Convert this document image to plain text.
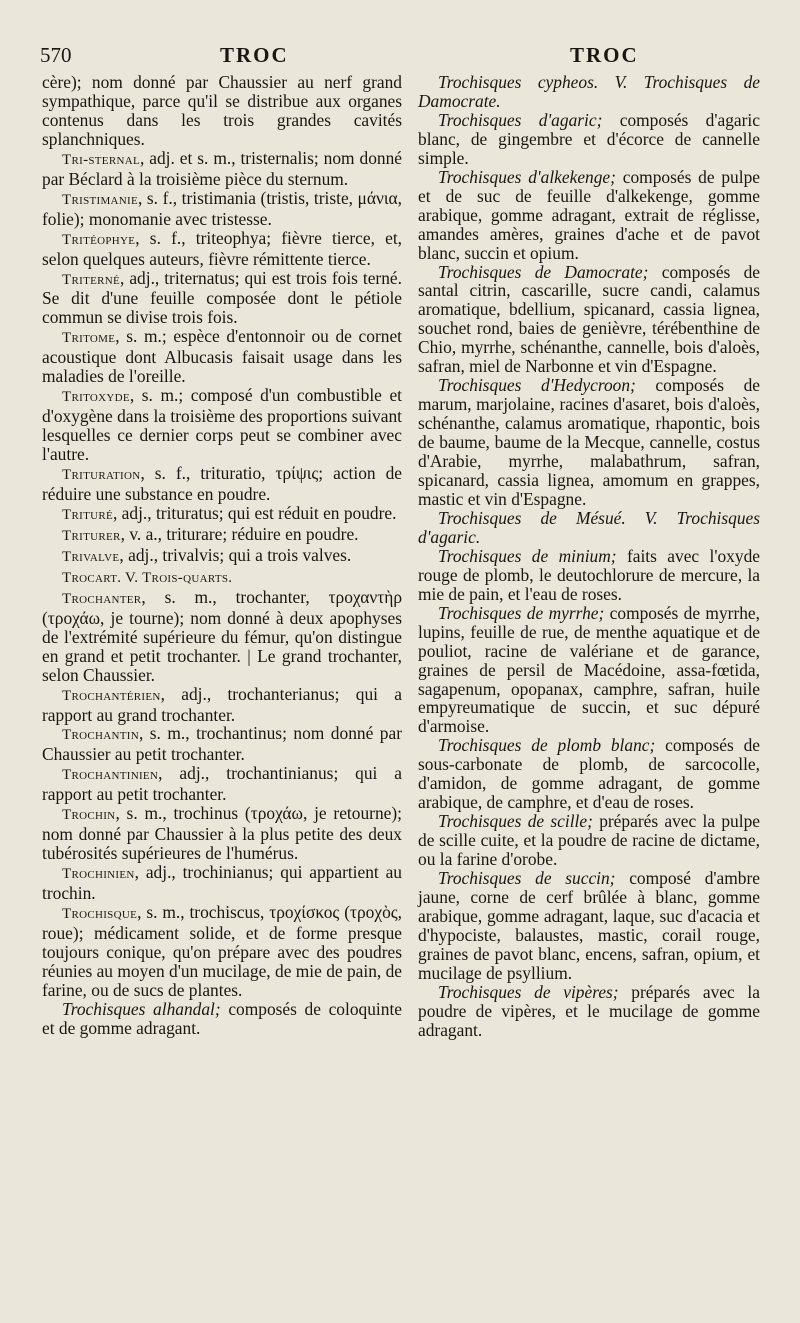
570	TROC	TROC

cère); nom donné par Chaussier au nerf grand sympathique, parce qu'il se distribue aux organes contenus dans les trois grandes cavités splanchniques.

Tri-sternal, adj. et s. m., tristernalis; nom donné par Béclard à la troisième pièce du sternum.

Tristimanie, s. f., tristimania (tristis, triste, μάνια, folie); monomanie avec tristesse.

Tritéophye, s. f., triteophya; fièvre tierce, et, selon quelques auteurs, fièvre rémittente tierce.

Triterné, adj., triternatus; qui est trois fois terné. Se dit d'une feuille composée dont le pétiole commun se divise trois fois.

Tritome, s. m.; espèce d'entonnoir ou de cornet acoustique dont Albucasis faisait usage dans les maladies de l'oreille.

Tritoxyde, s. m.; composé d'un combustible et d'oxygène dans la troisième des proportions suivant lesquelles ce dernier corps peut se combiner avec l'autre.

Trituration, s. f., trituratio, τρίψις; action de réduire une substance en poudre.

Trituré, adj., trituratus; qui est réduit en poudre.

Triturer, v. a., triturare; réduire en poudre.

Trivalve, adj., trivalvis; qui a trois valves.

Trocart. V. Trois-quarts.

Trochanter, s. m., trochanter, τροχαντὴρ (τροχάω, je tourne); nom donné à deux apophyses de l'extrémité supérieure du fémur, qu'on distingue en grand et petit trochanter. | Le grand trochanter, selon Chaussier.

Trochantérien, adj., trochanterianus; qui a rapport au grand trochanter.

Trochantin, s. m., trochantinus; nom donné par Chaussier au petit trochanter.

Trochantinien, adj., trochantinianus; qui a rapport au petit trochanter.

Trochin, s. m., trochinus (τροχάω, je retourne); nom donné par Chaussier à la plus petite des deux tubérosités supérieures de l'humérus.

Trochinien, adj., trochinianus; qui appartient au trochin.

Trochisque, s. m., trochiscus, τροχίσκος (τροχὸς, roue); médicament solide, et de forme presque toujours conique, qu'on prépare avec des poudres réunies au moyen d'un mucilage, de mie de pain, de farine, ou de sucs de plantes.

Trochisques alhandal; composés de coloquinte et de gomme adragant.

Trochisques cypheos. V. Trochisques de Damocrate.

Trochisques d'agaric; composés d'agaric blanc, de gingembre et d'écorce de cannelle simple.

Trochisques d'alkekenge; composés de pulpe et de suc de feuille d'alkekenge, gomme arabique, gomme adragant, extrait de réglisse, amandes amères, graines d'ache et de pavot blanc, succin et opium.

Trochisques de Damocrate; composés de santal citrin, cascarille, sucre candi, calamus aromatique, bdellium, spicanard, cassia lignea, souchet rond, baies de genièvre, térébenthine de Chio, myrrhe, schénanthe, cannelle, bois d'aloès, safran, miel de Narbonne et vin d'Espagne.

Trochisques d'Hedycroon; composés de marum, marjolaine, racines d'asaret, bois d'aloès, schénanthe, calamus aromatique, rhapontic, bois de baume, baume de la Mecque, cannelle, costus d'Arabie, myrrhe, malabathrum, safran, spicanard, cassia lignea, amomum en grappes, mastic et vin d'Espagne.

Trochisques de Mésué. V. Trochisques d'agaric.

Trochisques de minium; faits avec l'oxyde rouge de plomb, le deutochlorure de mercure, la mie de pain, et l'eau de roses.

Trochisques de myrrhe; composés de myrrhe, lupins, feuille de rue, de menthe aquatique et de pouliot, racine de valériane et de garance, graines de persil de Macédoine, assa-fœtida, sagapenum, opopanax, camphre, safran, huile empyreumatique de succin, et suc dépuré d'armoise.

Trochisques de plomb blanc; composés de sous-carbonate de plomb, de sarcocolle, d'amidon, de gomme adragant, de gomme arabique, de camphre, et d'eau de roses.

Trochisques de scille; préparés avec la pulpe de scille cuite, et la poudre de racine de dictame, ou la farine d'orobe.

Trochisques de succin; composé d'ambre jaune, corne de cerf brûlée à blanc, gomme arabique, gomme adragant, laque, suc d'acacia et d'hypociste, balaustes, mastic, corail rouge, graines de pavot blanc, encens, safran, opium, et mucilage de psyllium.

Trochisques de vipères; préparés avec la poudre de vipères, et le mucilage de gomme adragant.
